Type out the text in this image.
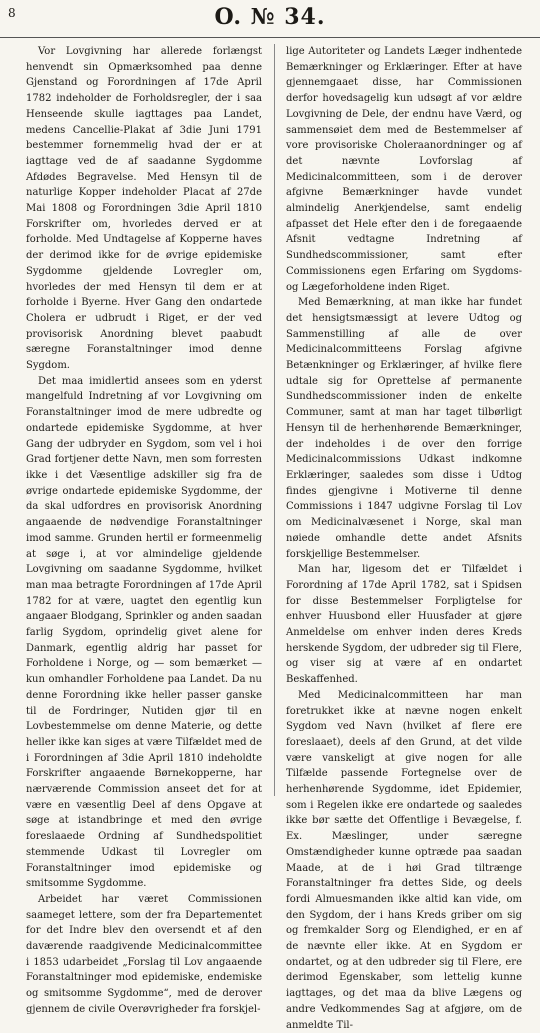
8	O. № 34.

Vor Lovgivning har allerede forlængst henvendt sin Opmærksomhed paa denne Gjenstand og Forordningen af 17de April 1782 indeholder de Forholdsregler, der i saa Henseende skulle iagttages paa Landet, medens Cancellie-Plakat af 3die Juni 1791 bestemmer fornemmelig hvad der er at iagttage ved de af saadanne Sygdomme Afdødes Begravelse. Med Hensyn til de naturlige Kopper indeholder Placat af 27de Mai 1808 og Forordningen 3die April 1810 Forskrifter om, hvorledes derved er at forholde. Med Undtagelse af Kopperne haves der derimod ikke for de øvrige epidemiske Sygdomme gjeldende Lovregler om, hvorledes der med Hensyn til dem er at forholde i Byerne. Hver Gang den ondartede Cholera er udbrudt i Riget, er der ved provisorisk Anordning blevet paabudt særegne Foranstaltninger imod denne Sygdom.

Det maa imidlertid ansees som en yderst mangelfuld Indretning af vor Lovgivning om Foranstaltninger imod de mere udbredte og ondartede epidemiske Sygdomme, at hver Gang der udbryder en Sygdom, som vel i hoi Grad fortjener dette Navn, men som forresten ikke i det Væsentlige adskiller sig fra de øvrige ondartede epidemiske Sygdomme, der da skal udfordres en provisorisk Anordning angaaende de nødvendige Foranstaltninger imod samme. Grunden hertil er formeenmelig at søge i, at vor almindelige gjeldende Lovgivning om saadanne Sygdomme, hvilket man maa betragte Forordningen af 17de April 1782 for at være, uagtet den egentlig kun angaaer Blodgang, Sprinkler og anden saadan farlig Sygdom, oprindelig givet alene for Danmark, egentlig aldrig har passet for Forholdene i Norge, og — som bemærket — kun omhandler Forholdene paa Landet. Da nu denne Forordning ikke heller passer ganske til de Fordringer, Nutiden gjør til en Lovbestemmelse om denne Materie, og dette heller ikke kan siges at være Tilfældet med de i Forordningen af 3die April 1810 indeholdte Forskrifter angaaende Børnekopperne, har nærværende Commission anseet det for at være en væsentlig Deel af dens Opgave at søge at istandbringe et med den øvrige foreslaaede Ordning af Sundhedspolitiet stemmende Udkast til Lovregler om Foranstaltninger imod epidemiske og smitsomme Sygdomme.

Arbeidet har været Commissionen saameget lettere, som der fra Departementet for det Indre blev den oversendt et af den daværende raadgivende Medicinalcommittee i 1853 udarbeidet „Forslag til Lov angaaende Foranstaltninger mod epidemiske, endemiske og smitsomme Sygdomme“, med de derover gjennem de civile Overøvrigheder fra forskjel-

lige Autoriteter og Landets Læger indhentede Bemærkninger og Erklæringer. Efter at have gjennemgaaet disse, har Commissionen derfor hovedsagelig kun udsøgt af vor ældre Lovgivning de Dele, der endnu have Værd, og sammensøiet dem med de Bestemmelser af vore provisoriske Choleraanordninger og af det nævnte Lovforslag af Medicinalcommitteen, som i de derover afgivne Bemærkninger havde vundet almindelig Anerkjendelse, samt endelig afpasset det Hele efter den i de foregaaende Afsnit vedtagne Indretning af Sundhedscommissioner, samt efter Commissionens egen Erfaring om Sygdoms- og Lægeforholdene inden Riget.

Med Bemærkning, at man ikke har fundet det hensigtsmæssigt at levere Udtog og Sammenstilling af alle de over Medicinalcommitteens Forslag afgivne Betænkninger og Erklæringer, af hvilke flere udtale sig for Oprettelse af permanente Sundhedscommissioner inden de enkelte Communer, samt at man har taget tilbørligt Hensyn til de herhenhørende Bemærkninger, der indeholdes i de over den forrige Medicinalcommissions Udkast indkomne Erklæringer, saaledes som disse i Udtog findes gjengivne i Motiverne til denne Commissions i 1847 udgivne Forslag til Lov om Medicinalvæsenet i Norge, skal man nøiede omhandle dette andet Afsnits forskjellige Bestemmelser.

Man har, ligesom det er Tilfældet i Forordning af 17de April 1782, sat i Spidsen for disse Bestemmelser Forpligtelse for enhver Huusbond eller Huusfader at gjøre Anmeldelse om enhver inden deres Kreds herskende Sygdom, der udbreder sig til Flere, og viser sig at være af en ondartet Beskaffenhed.

Med Medicinalcommitteen har man foretrukket ikke at nævne nogen enkelt Sygdom ved Navn (hvilket af flere ere foreslaaet), deels af den Grund, at det vilde være vanskeligt at give nogen for alle Tilfælde passende Fortegnelse over de herhenhørende Sygdomme, idet Epidemier, som i Regelen ikke ere ondartede og saaledes ikke bør sætte det Offentlige i Bevægelse, f. Ex. Mæslinger, under særegne Omstændigheder kunne optræde paa saadan Maade, at de i høi Grad tiltrænge Foranstaltninger fra dettes Side, og deels fordi Almuesmanden ikke altid kan vide, om den Sygdom, der i hans Kreds griber om sig og fremkalder Sorg og Elendighed, er en af de nævnte eller ikke. At en Sygdom er ondartet, og at den udbreder sig til Flere, ere derimod Egenskaber, som lettelig kunne iagttages, og det maa da blive Lægens og andre Vedkommendes Sag at afgjøre, om de anmeldte Til-
